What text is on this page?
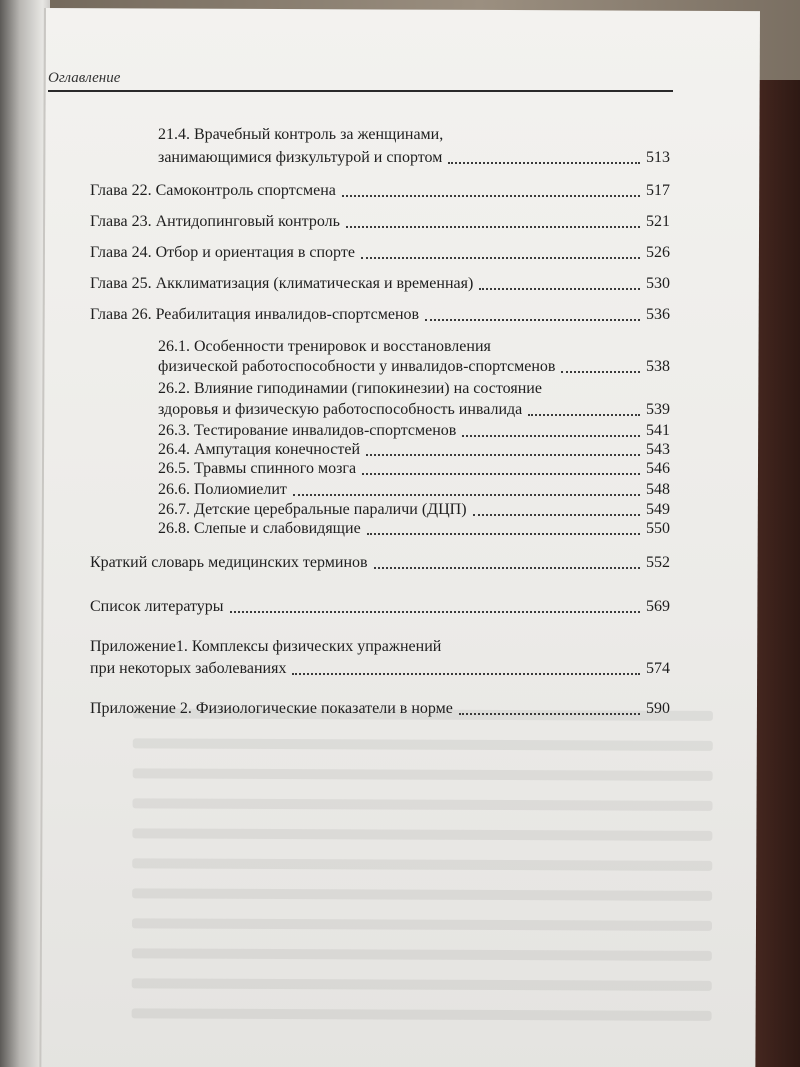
Оглавление
21.4. Врачебный контроль за женщинами,
занимающимися физкультурой и спортом	513
Глава 22. Самоконтроль спортсмена	517
Глава 23. Антидопинговый контроль	521
Глава 24. Отбор и ориентация в спорте	526
Глава 25. Акклиматизация (климатическая и временная)	530
Глава 26. Реабилитация инвалидов-спортсменов	536
26.1. Особенности тренировок и восстановления
физической работоспособности у инвалидов-спортсменов	538
26.2. Влияние гиподинамии (гипокинезии) на состояние
здоровья и физическую работоспособность инвалида	539
26.3. Тестирование инвалидов-спортсменов	541
26.4. Ампутация конечностей	543
26.5. Травмы спинного мозга	546
26.6. Полиомиелит	548
26.7. Детские церебральные параличи (ДЦП)	549
26.8. Слепые и слабовидящие	550
Краткий словарь медицинских терминов	552
Список литературы	569
Приложение1. Комплексы физических упражнений
при некоторых заболеваниях	574
Приложение 2. Физиологические показатели в норме	590
